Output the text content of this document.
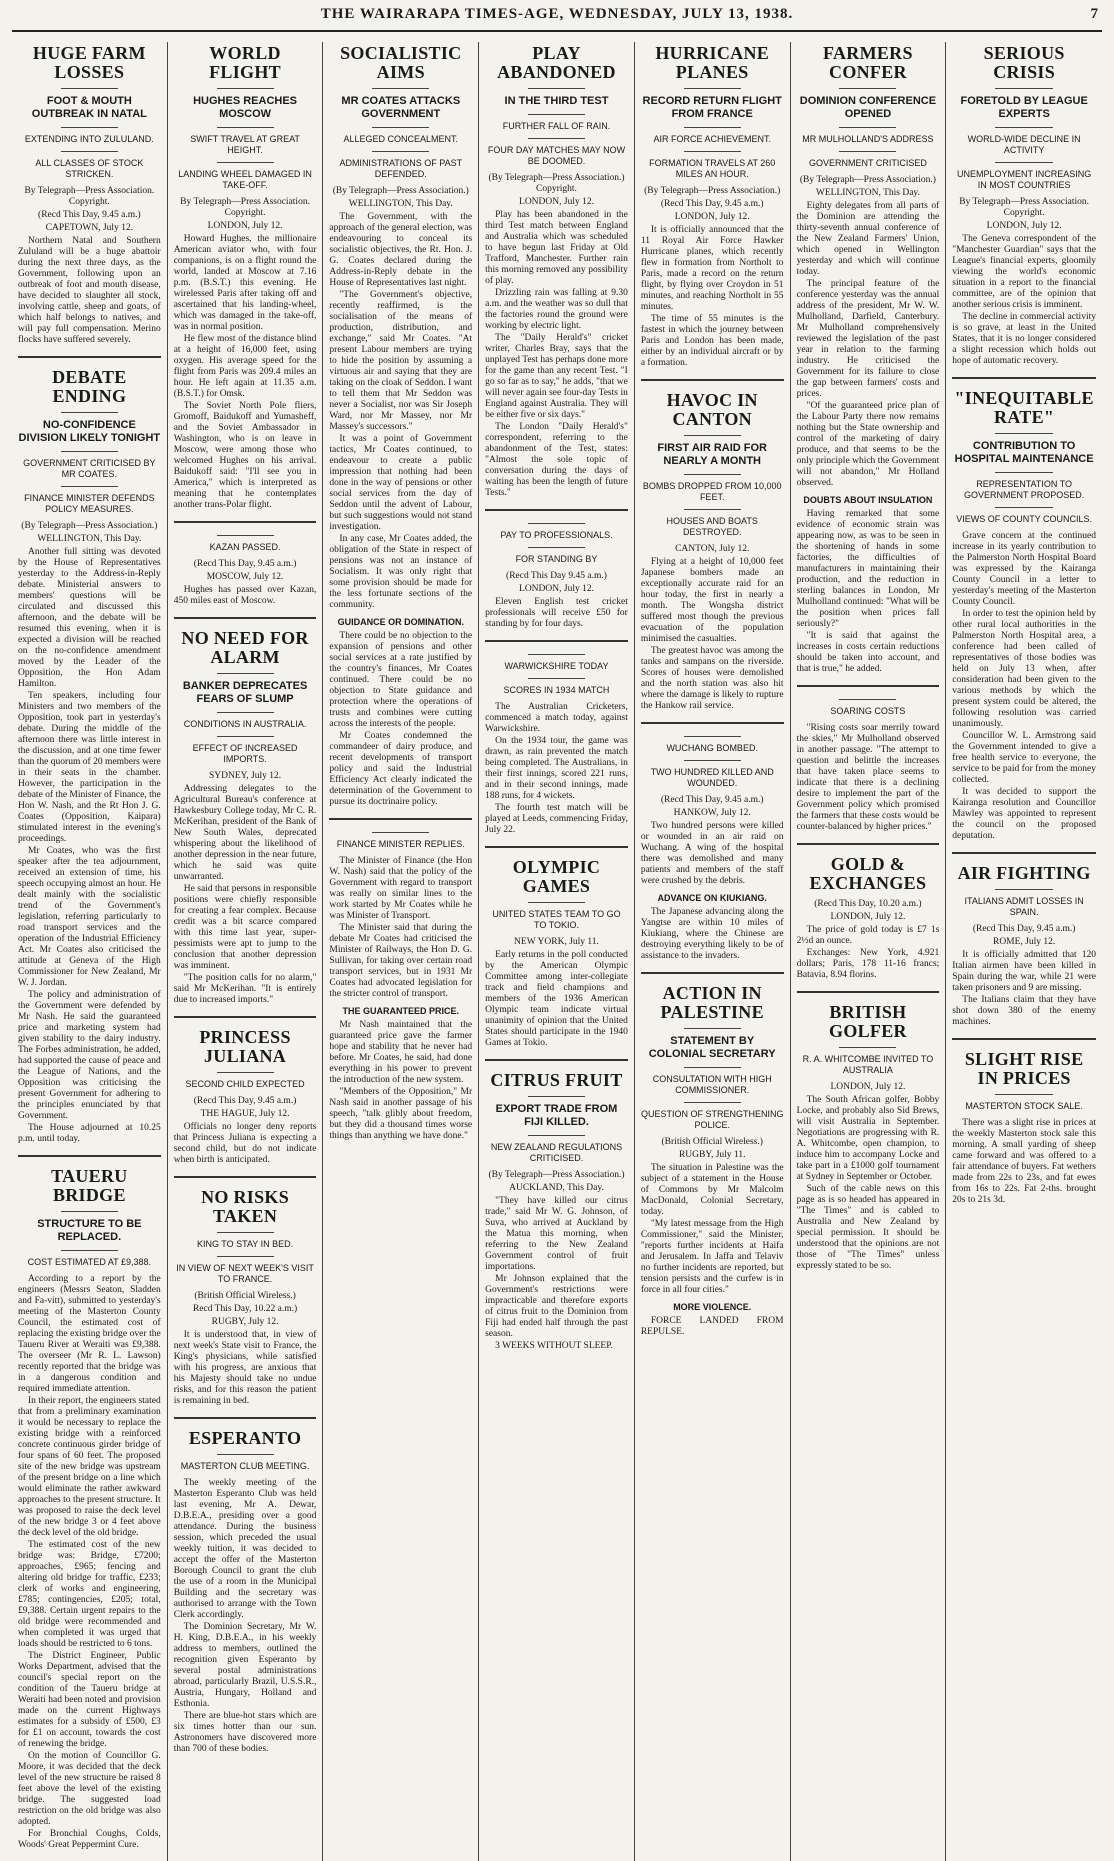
THE WAIRARAPA TIMES-AGE, WEDNESDAY, JULY 13, 1938.	7
HUGE FARM LOSSES
FOOT & MOUTH OUTBREAK IN NATAL
EXTENDING INTO ZULULAND.
ALL CLASSES OF STOCK STRICKEN.
By Telegraph—Press Association. Copyright.
(Recd This Day, 9.45 a.m.)
CAPETOWN, July 12.

Northern Natal and Southern Zululand will be a huge abattoir during the next three days, as the Government, following upon an outbreak of foot and mouth disease, have decided to slaughter all stock, involving cattle, sheep and goats, of which half belongs to natives, and will pay full compensation. Merino flocks have suffered severely.

DEBATE ENDING
NO-CONFIDENCE DIVISION LIKELY TONIGHT
GOVERNMENT CRITICISED BY MR COATES.
FINANCE MINISTER DEFENDS POLICY MEASURES.
(By Telegraph—Press Association.)
WELLINGTON, This Day.

Another full sitting was devoted by the House of Representatives yesterday to the Address-in-Reply debate. Ministerial answers to members' questions will be circulated and discussed this afternoon, and the debate will be resumed this evening, when it is expected a division will be reached on the no-confidence amendment moved by the Leader of the Opposition, the Hon Adam Hamilton.

Ten speakers, including four Ministers and two members of the Opposition, took part in yesterday's debate. During the middle of the afternoon there was little interest in the discussion, and at one time fewer than the quorum of 20 members were in their seats in the chamber. However, the participation in the debate of the Minister of Finance, the Hon W. Nash, and the Rt Hon J. G. Coates (Opposition, Kaipara) stimulated interest in the evening's proceedings.

Mr Coates, who was the first speaker after the tea adjournment, received an extension of time, his speech occupying almost an hour. He dealt mainly with the socialistic trend of the Government's legislation, referring particularly to road transport services and the operation of the Industrial Efficiency Act. Mr Coates also criticised the attitude at Geneva of the High Commissioner for New Zealand, Mr W. J. Jordan.

The policy and administration of the Government were defended by Mr Nash. He said the guaranteed price and marketing system had given stability to the dairy industry. The Forbes administration, he added, had supported the cause of peace and the League of Nations, and the Opposition was criticising the present Government for adhering to the principles enunciated by that Government.

The House adjourned at 10.25 p.m. until today.

TAUERU BRIDGE
STRUCTURE TO BE REPLACED.
COST ESTIMATED AT £9,388.

According to a report by the engineers (Messrs Seaton, Sladden and Fa-vitt), submitted to yesterday's meeting of the Masterton County Council, the estimated cost of replacing the existing bridge over the Taueru River at Weraiti was £9,388. The overseer (Mr R. L. Lawson) recently reported that the bridge was in a dangerous condition and required immediate attention.

In their report, the engineers stated that from a preliminary examination it would be necessary to replace the existing bridge with a reinforced concrete continuous girder bridge of four spans of 60 feet. The proposed site of the new bridge was upstream of the present bridge on a line which would eliminate the rather awkward approaches to the present structure. It was proposed to raise the deck level of the new bridge 3 or 4 feet above the deck level of the old bridge.

The estimated cost of the new bridge was: Bridge, £7200; approaches, £965; fencing and altering old bridge for traffic, £233; clerk of works and engineering, £785; contingencies, £205; total, £9,388. Certain urgent repairs to the old bridge were recommended and when completed it was urged that loads should be restricted to 6 tons.

The District Engineer, Public Works Department, advised that the council's special report on the condition of the Taueru bridge at Weraiti had been noted and provision made on the current Highways estimates for a subsidy of £500, £3 for £1 on account, towards the cost of renewing the bridge.

On the motion of Councillor G. Moore, it was decided that the deck level of the new structure be raised 8 feet above the level of the existing bridge. The suggested load restriction on the old bridge was also adopted.

For Bronchial Coughs, Colds, Woods' Great Peppermint Cure.

WORLD FLIGHT
HUGHES REACHES MOSCOW
SWIFT TRAVEL AT GREAT HEIGHT.
LANDING WHEEL DAMAGED IN TAKE-OFF.
By Telegraph—Press Association. Copyright.
LONDON, July 12.

Howard Hughes, the millionaire American aviator who, with four companions, is on a flight round the world, landed at Moscow at 7.16 p.m. (B.S.T.) this evening. He wirelessed Paris after taking off and ascertained that his landing-wheel, which was damaged in the take-off, was in normal position.

He flew most of the distance blind at a height of 16,000 feet, using oxygen. His average speed for the flight from Paris was 209.4 miles an hour. He left again at 11.35 a.m. (B.S.T.) for Omsk.

The Soviet North Pole fliers, Gromoff, Baidukoff and Yumasheff, and the Soviet Ambassador in Washington, who is on leave in Moscow, were among those who welcomed Hughes on his arrival. Baidukoff said: "I'll see you in America," which is interpreted as meaning that he contemplates another trans-Polar flight.

KAZAN PASSED.
(Recd This Day, 9.45 a.m.)
MOSCOW, July 12.

Hughes has passed over Kazan, 450 miles east of Moscow.

NO NEED FOR ALARM
BANKER DEPRECATES FEARS OF SLUMP
CONDITIONS IN AUSTRALIA.
EFFECT OF INCREASED IMPORTS.
SYDNEY, July 12.

Addressing delegates to the Agricultural Bureau's conference at Hawkesbury College today, Mr C. R. McKerihan, president of the Bank of New South Wales, deprecated whispering about the likelihood of another depression in the near future, which he said was quite unwarranted.

He said that persons in responsible positions were chiefly responsible for creating a fear complex. Because credit was a bit scarce compared with this time last year, super-pessimists were apt to jump to the conclusion that another depression was imminent.

"The position calls for no alarm," said Mr McKerihan. "It is entirely due to increased imports."

PRINCESS JULIANA
SECOND CHILD EXPECTED
(Recd This Day, 9.45 a.m.)
THE HAGUE, July 12.

Officials no longer deny reports that Princess Juliana is expecting a second child, but do not indicate when birth is anticipated.

NO RISKS TAKEN
KING TO STAY IN BED.
IN VIEW OF NEXT WEEK'S VISIT TO FRANCE.
(British Official Wireless.)
Recd This Day, 10.22 a.m.)
RUGBY, July 12.

It is understood that, in view of next week's State visit to France, the King's physicians, while satisfied with his progress, are anxious that his Majesty should take no undue risks, and for this reason the patient is remaining in bed.

ESPERANTO
MASTERTON CLUB MEETING.

The weekly meeting of the Masterton Esperanto Club was held last evening, Mr A. Dewar, D.B.E.A., presiding over a good attendance. During the business session, which preceded the usual weekly tuition, it was decided to accept the offer of the Masterton Borough Council to grant the club the use of a room in the Municipal Building and the secretary was authorised to arrange with the Town Clerk accordingly.

The Dominion Secretary, Mr W. H. King, D.B.E.A., in his weekly address to members, outlined the recognition given Esperanto by several postal administrations abroad, particularly Brazil, U.S.S.R., Austria, Hungary, Holland and Esthonia.

There are blue-hot stars which are six times hotter than our sun. Astronomers have discovered more than 700 of these bodies.

SOCIALISTIC AIMS
MR COATES ATTACKS GOVERNMENT
ALLEGED CONCEALMENT.
ADMINISTRATIONS OF PAST DEFENDED.
(By Telegraph—Press Association.)
WELLINGTON, This Day.

The Government, with the approach of the general election, was endeavouring to conceal its socialistic objectives, the Rt. Hon. J. G. Coates declared during the Address-in-Reply debate in the House of Representatives last night.

"The Government's objective, recently reaffirmed, is the socialisation of the means of production, distribution, and exchange," said Mr Coates. "At present Labour members are trying to hide the position by assuming a virtuous air and saying that they are taking on the cloak of Seddon. I want to tell them that Mr Seddon was never a Socialist, nor was Sir Joseph Ward, nor Mr Massey, nor Mr Massey's successors."

It was a point of Government tactics, Mr Coates continued, to endeavour to create a public impression that nothing had been done in the way of pensions or other social services from the day of Seddon until the advent of Labour, but such suggestions would not stand investigation.

In any case, Mr Coates added, the obligation of the State in respect of pensions was not an instance of Socialism. It was only right that some provision should be made for the less fortunate sections of the community.

GUIDANCE OR DOMINATION.

There could be no objection to the expansion of pensions and other social services at a rate justified by the country's finances, Mr Coates continued. There could be no objection to State guidance and protection where the operations of trusts and combines were cutting across the interests of the people.

Mr Coates condemned the commandeer of dairy produce, and recent developments of transport policy and said the Industrial Efficiency Act clearly indicated the determination of the Government to pursue its doctrinaire policy.

FINANCE MINISTER REPLIES.

The Minister of Finance (the Hon W. Nash) said that the policy of the Government with regard to transport was really on similar lines to the work started by Mr Coates while he was Minister of Transport.

The Minister said that during the debate Mr Coates had criticised the Minister of Railways, the Hon D. G. Sullivan, for taking over certain road transport services, but in 1931 Mr Coates had advocated legislation for the stricter control of transport.

THE GUARANTEED PRICE.

Mr Nash maintained that the guaranteed price gave the farmer hope and stability that he never had before. Mr Coates, he said, had done everything in his power to prevent the introduction of the new system.

"Members of the Opposition," Mr Nash said in another passage of his speech, "talk glibly about freedom, but they did a thousand times worse things than anything we have done."

PLAY ABANDONED
IN THE THIRD TEST
FURTHER FALL OF RAIN.
FOUR DAY MATCHES MAY NOW BE DOOMED.
(By Telegraph—Press Association.) Copyright.
LONDON, July 12.

Play has been abandoned in the third Test match between England and Australia which was scheduled to have begun last Friday at Old Trafford, Manchester. Further rain this morning removed any possibility of play.

Drizzling rain was falling at 9.30 a.m. and the weather was so dull that the factories round the ground were working by electric light.

The "Daily Herald's" cricket writer, Charles Bray, says that the unplayed Test has perhaps done more for the game than any recent Test. "I go so far as to say," he adds, "that we will never again see four-day Tests in England against Australia. They will be either five or six days."

The London "Daily Herald's" correspondent, referring to the abandonment of the Test, states: "Almost the sole topic of conversation during the days of waiting has been the length of future Tests."

PAY TO PROFESSIONALS.
FOR STANDING BY
(Recd This Day 9.45 a.m.)
LONDON, July 12.

Eleven English test cricket professionals will receive £50 for standing by for four days.

WARWICKSHIRE TODAY
SCORES IN 1934 MATCH

The Australian Cricketers, commenced a match today, against Warwickshire.

On the 1934 tour, the game was drawn, as rain prevented the match being completed. The Australians, in their first innings, scored 221 runs, and in their second innings, made 188 runs, for 4 wickets.

The fourth test match will be played at Leeds, commencing Friday, July 22.

OLYMPIC GAMES
UNITED STATES TEAM TO GO TO TOKIO.
NEW YORK, July 11.

Early returns in the poll conducted by the American Olympic Committee among inter-collegiate track and field champions and members of the 1936 American Olympic team indicate virtual unanimity of opinion that the United States should participate in the 1940 Games at Tokio.

CITRUS FRUIT
EXPORT TRADE FROM FIJI KILLED.
NEW ZEALAND REGULATIONS CRITICISED.
(By Telegraph—Press Association.)
AUCKLAND, This Day.

"They have killed our citrus trade," said Mr W. G. Johnson, of Suva, who arrived at Auckland by the Matua this morning, when referring to the New Zealand Government control of fruit importations.

Mr Johnson explained that the Government's restrictions were impracticable and therefore exports of citrus fruit to the Dominion from Fiji had ended half through the past season.

3 WEEKS WITHOUT SLEEP.

HURRICANE PLANES
RECORD RETURN FLIGHT FROM FRANCE
AIR FORCE ACHIEVEMENT.
FORMATION TRAVELS AT 260 MILES AN HOUR.
(By Telegraph—Press Association.)
(Recd This Day, 9.45 a.m.)
LONDON, July 12.

It is officially announced that the 11 Royal Air Force Hawker Hurricane planes, which recently flew in formation from Northolt to Paris, made a record on the return flight, by flying over Croydon in 51 minutes, and reaching Northolt in 55 minutes.

The time of 55 minutes is the fastest in which the journey between Paris and London has been made, either by an individual aircraft or by a formation.

HAVOC IN CANTON
FIRST AIR RAID FOR NEARLY A MONTH
BOMBS DROPPED FROM 10,000 FEET.
HOUSES AND BOATS DESTROYED.
CANTON, July 12.

Flying at a height of 10,000 feet Japanese bombers made an exceptionally accurate raid for an hour today, the first in nearly a month. The Wongsha district suffered most though the previous evacuation of the population minimised the casualties.

The greatest havoc was among the tanks and sampans on the riverside. Scores of houses were demolished and the north station was also hit where the damage is likely to rupture the Hankow rail service.

WUCHANG BOMBED.
TWO HUNDRED KILLED AND WOUNDED.
(Recd This Day, 9.45 a.m.)
HANKOW, July 12.

Two hundred persons were killed or wounded in an air raid on Wuchang. A wing of the hospital there was demolished and many patients and members of the staff were crushed by the debris.

ADVANCE ON KIUKIANG.

The Japanese advancing along the Yangtse are within 10 miles of Kiukiang, where the Chinese are destroying everything likely to be of assistance to the invaders.

ACTION IN PALESTINE
STATEMENT BY COLONIAL SECRETARY
CONSULTATION WITH HIGH COMMISSIONER.
QUESTION OF STRENGTHENING POLICE.
(British Official Wireless.)
RUGBY, July 11.

The situation in Palestine was the subject of a statement in the House of Commons by Mr Malcolm MacDonald, Colonial Secretary, today.

"My latest message from the High Commissioner," said the Minister, "reports further incidents at Haifa and Jerusalem. In Jaffa and Telaviv no further incidents are reported, but tension persists and the curfew is in force in all four cities."

MORE VIOLENCE.

FORCE LANDED FROM REPULSE.

FARMERS CONFER
DOMINION CONFERENCE OPENED
MR MULHOLLAND'S ADDRESS
GOVERNMENT CRITICISED
(By Telegraph—Press Association.)
WELLINGTON, This Day.

Eighty delegates from all parts of the Dominion are attending the thirty-seventh annual conference of the New Zealand Farmers' Union, which opened in Wellington yesterday and which will continue today.

The principal feature of the conference yesterday was the annual address of the president, Mr W. W. Mulholland, Darfield, Canterbury. Mr Mulholland comprehensively reviewed the legislation of the past year in relation to the farming industry. He criticised the Government for its failure to close the gap between farmers' costs and prices.

"Of the guaranteed price plan of the Labour Party there now remains nothing but the State ownership and control of the marketing of dairy produce, and that seems to be the only principle which the Government will not abandon," Mr Holland observed.

DOUBTS ABOUT INSULATION

Having remarked that some evidence of economic strain was appearing now, as was to be seen in the shortening of hands in some factories, the difficulties of manufacturers in maintaining their production, and the reduction in sterling balances in London, Mr Mulholland continued: "What will be the position when prices fall seriously?"

"It is said that against the increases in costs certain reductions should be taken into account, and that is true," he added.

SOARING COSTS

"Rising costs soar merrily toward the skies," Mr Mulholland observed in another passage. "The attempt to question and belittle the increases that have taken place seems to indicate that there is a declining desire to implement the part of the Government policy which promised the farmers that these costs would be counter-balanced by higher prices."

GOLD & EXCHANGES
(Recd This Day, 10.20 a.m.)
LONDON, July 12.

The price of gold today is £7 1s 2½d an ounce.

Exchanges: New York, 4.921 dollars; Paris, 178 11-16 francs; Batavia, 8.94 florins.

BRITISH GOLFER
R. A. WHITCOMBE INVITED TO AUSTRALIA
LONDON, July 12.

The South African golfer, Bobby Locke, and probably also Sid Brews, will visit Australia in September. Negotiations are progressing with R. A. Whitcombe, open champion, to induce him to accompany Locke and take part in a £1000 golf tournament at Sydney in September or October.

Such of the cable news on this page as is so headed has appeared in "The Times" and is cabled to Australia and New Zealand by special permission. It should be understood that the opinions are not those of "The Times" unless expressly stated to be so.

SERIOUS CRISIS
FORETOLD BY LEAGUE EXPERTS
WORLD-WIDE DECLINE IN ACTIVITY
UNEMPLOYMENT INCREASING IN MOST COUNTRIES
By Telegraph—Press Association. Copyright.
LONDON, July 12.

The Geneva correspondent of the "Manchester Guardian" says that the League's financial experts, gloomily viewing the world's economic situation in a report to the financial committee, are of the opinion that another serious crisis is imminent.

The decline in commercial activity is so grave, at least in the United States, that it is no longer considered a slight recession which holds out hope of automatic recovery.

"INEQUITABLE RATE"
CONTRIBUTION TO HOSPITAL MAINTENANCE
REPRESENTATION TO GOVERNMENT PROPOSED.
VIEWS OF COUNTY COUNCILS.

Grave concern at the continued increase in its yearly contribution to the Palmerston North Hospital Board was expressed by the Kairanga County Council in a letter to yesterday's meeting of the Masterton County Council.

In order to test the opinion held by other rural local authorities in the Palmerston North Hospital area, a conference had been called of representatives of those bodies was held on July 13 when, after consideration had been given to the various methods by which the present system could be altered, the following resolution was carried unanimously.

Councillor W. L. Armstrong said the Government intended to give a free health service to everyone, the service to be paid for from the money collected.

It was decided to support the Kairanga resolution and Councillor Mawley was appointed to represent the council on the proposed deputation.

AIR FIGHTING
ITALIANS ADMIT LOSSES IN SPAIN.
(Recd This Day, 9.45 a.m.)
ROME, July 12.

It is officially admitted that 120 Italian airmen have been killed in Spain during the war, while 21 were taken prisoners and 9 are missing.

The Italians claim that they have shot down 380 of the enemy machines.

SLIGHT RISE IN PRICES
MASTERTON STOCK SALE.

There was a slight rise in prices at the weekly Masterton stock sale this morning. A small yarding of sheep came forward and was offered to a fair attendance of buyers. Fat wethers made from 22s to 23s, and fat ewes from 16s to 22s. Fat 2-ths. brought 20s to 21s 3d.
